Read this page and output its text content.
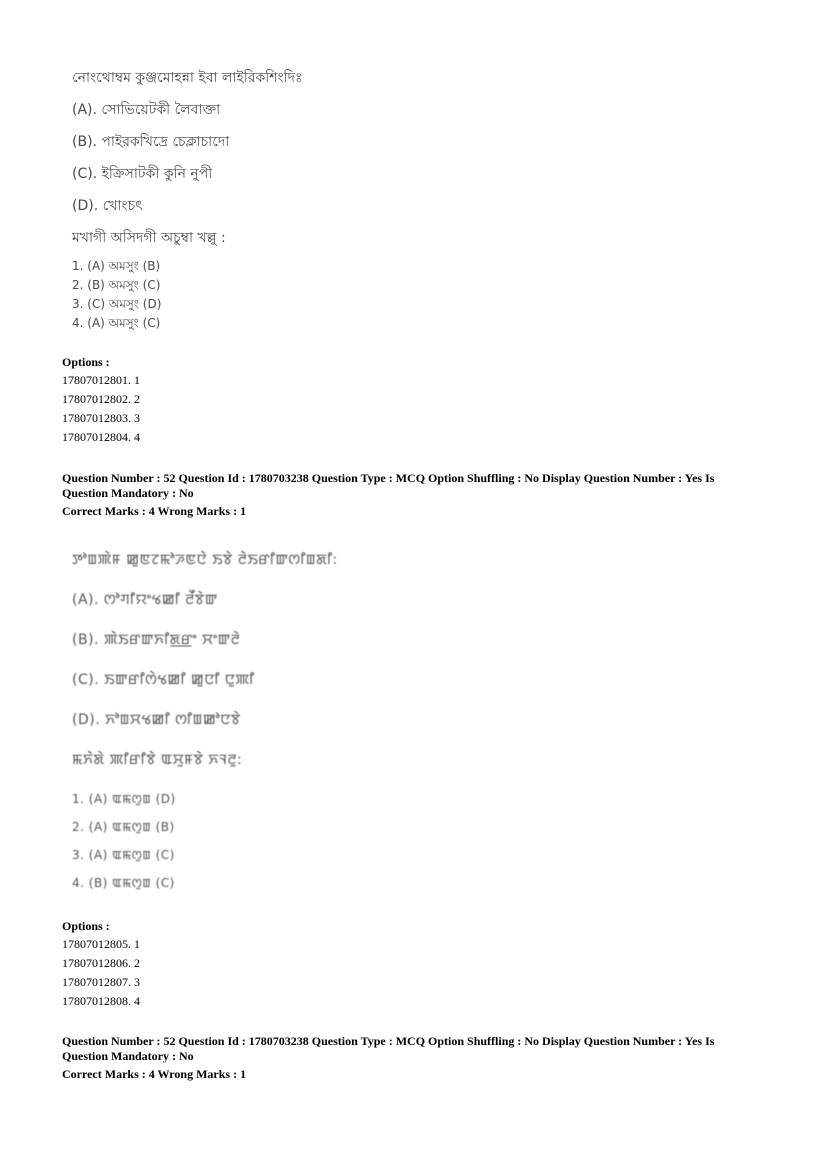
নোংথোম্বম কুঞ্জমোহন্না ইবা লাইরিকশিংদিঃ
(A). সোভিয়েটকী লৈবাক্তা
(B). পাইরকখিদ্রে চেক্লাচাদো
(C). ইক্রিসাটকী কুনি নুপী
(D). খোংচৎ
মখাগী অসিদগী অচুম্বা খল্লু :
1. (A) অমসুং (B)
2. (B) অমসুং (C)
3. (C) অমসুং (D)
4. (A) অমসুং (C)
Options :
17807012801. 1
17807012802. 2
17807012803. 3
17807012804. 4
Question Number : 52 Question Id : 1780703238 Question Type : MCQ Option Shuffling : No Display Question Number : Yes Is
Question Mandatory : No
Correct Marks : 4 Wrong Marks : 1
ꯇꯣꯡꯄꯥꯝ ꯀꯨꯟꯖꯃꯣꯍꯟꯅꯥ ꯏꯕꯥ ꯂꯥꯏꯔꯤꯛꯁꯤꯡꯗꯤ:
(A). ꯁꯣꯚꯤꯌꯦꯠꯀꯤ ꯂꯩꯕꯥꯛ
(B). ꯄꯥꯏꯔꯛꯈꯤꯗ꯭ꯔꯦ ꯆꯦꯛꯂꯥ
(C). ꯏꯛꯔꯤꯁꯥꯠꯀꯤ ꯀꯨꯅꯤ ꯅꯨꯄꯤ
(D). ꯈꯣꯡꯆꯠꯀꯤ ꯁꯤꯡꯀꯣꯅꯕꯥ
ꯃꯈꯥꯗꯥ ꯄꯤꯔꯤꯕꯥ ꯑꯆꯨꯝꯕꯥ ꯈꯜꯂꯨ:
1. (A) ꯑꯃꯁꯨꯡ (D)
2. (A) ꯑꯃꯁꯨꯡ (B)
3. (A) ꯑꯃꯁꯨꯡ (C)
4. (B) ꯑꯃꯁꯨꯡ (C)
Options :
17807012805. 1
17807012806. 2
17807012807. 3
17807012808. 4
Question Number : 52 Question Id : 1780703238 Question Type : MCQ Option Shuffling : No Display Question Number : Yes Is
Question Mandatory : No
Correct Marks : 4 Wrong Marks : 1
